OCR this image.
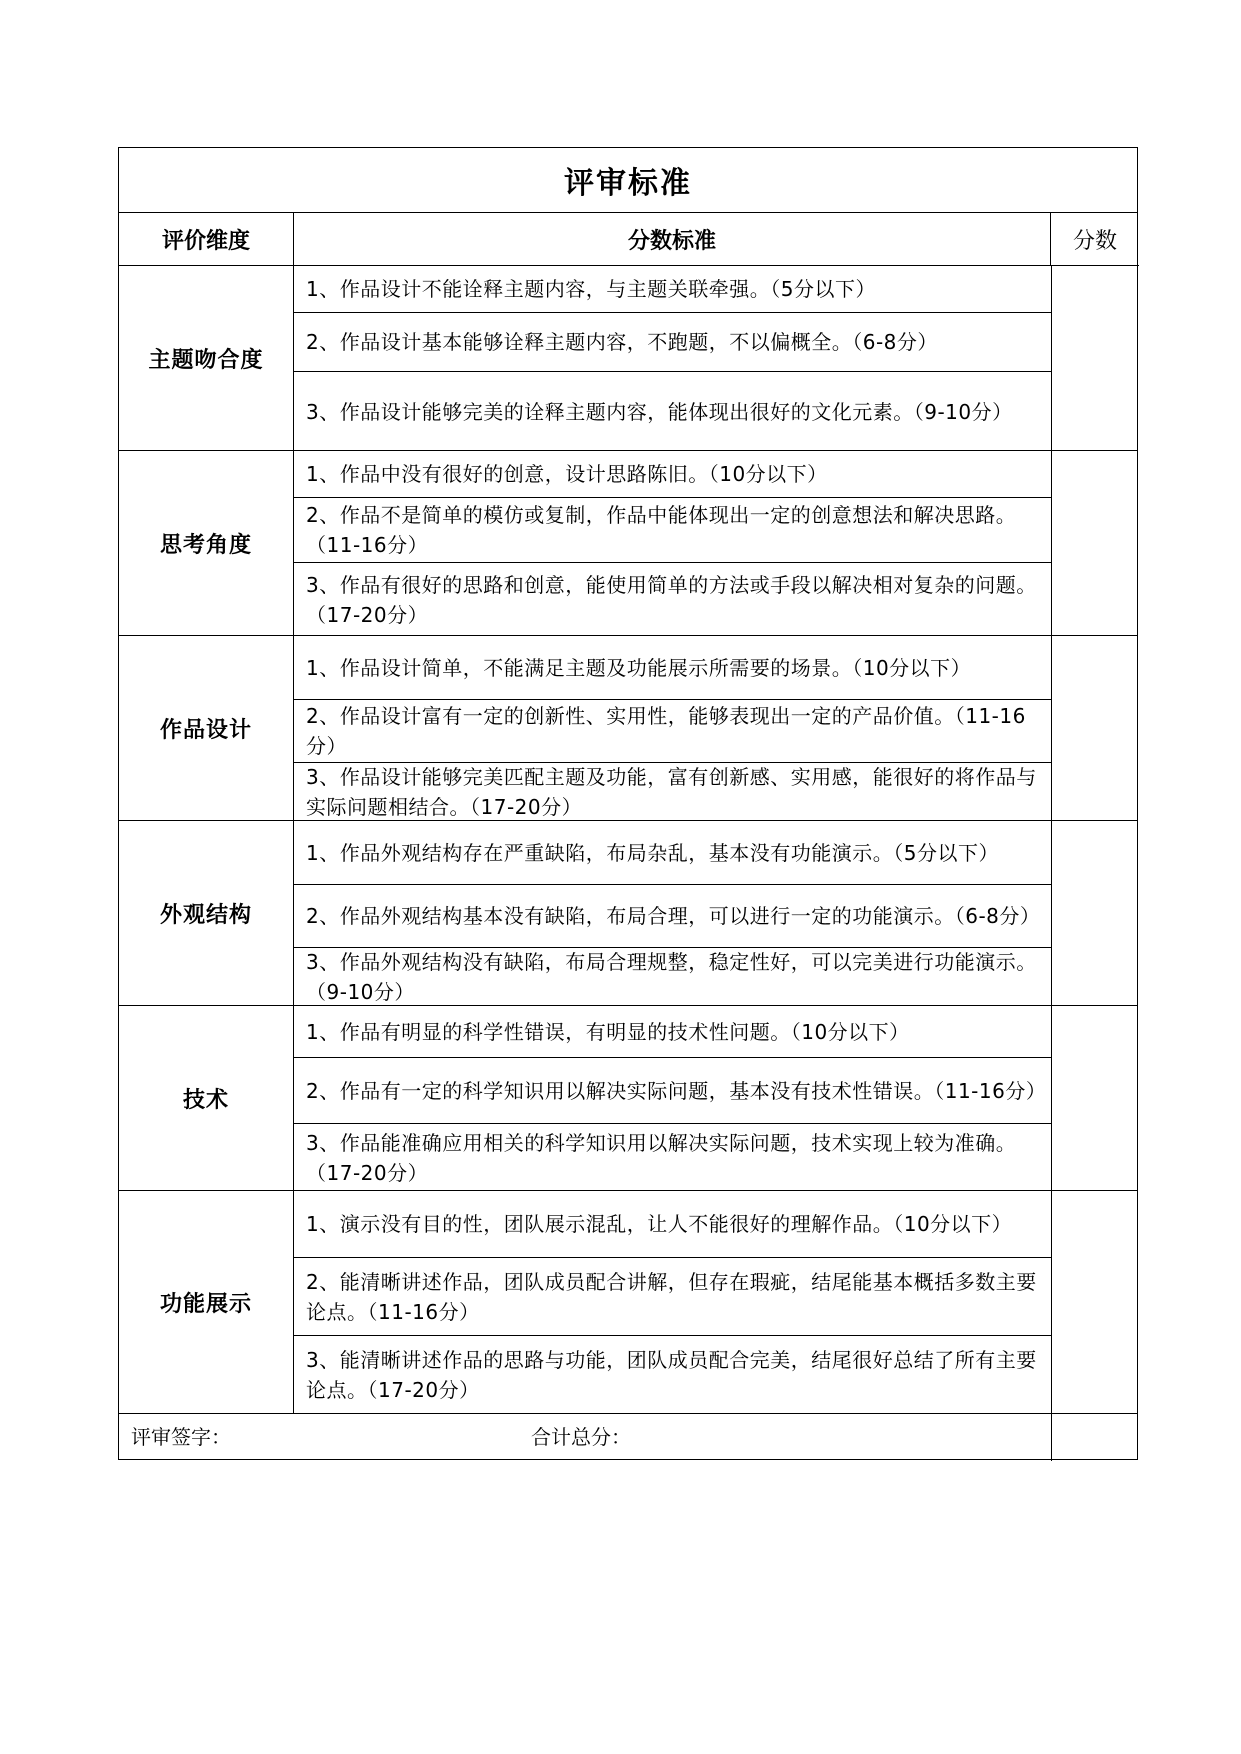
评审标准
评价维度	分数标准	分数
主题吻合度
1、作品设计不能诠释主题内容，与主题关联牵强。（5分以下）
2、作品设计基本能够诠释主题内容，不跑题，不以偏概全。（6-8分）
3、作品设计能够完美的诠释主题内容，能体现出很好的文化元素。（9-10分）
思考角度
1、作品中没有很好的创意，设计思路陈旧。（10分以下）
2、作品不是简单的模仿或复制，作品中能体现出一定的创意想法和解决思路。（11-16分）
3、作品有很好的思路和创意，能使用简单的方法或手段以解决相对复杂的问题。（17-20分）
作品设计
1、作品设计简单，不能满足主题及功能展示所需要的场景。（10分以下）
2、作品设计富有一定的创新性、实用性，能够表现出一定的产品价值。（11-16分）
3、作品设计能够完美匹配主题及功能，富有创新感、实用感，能很好的将作品与实际问题相结合。（17-20分）
外观结构
1、作品外观结构存在严重缺陷，布局杂乱，基本没有功能演示。（5分以下）
2、作品外观结构基本没有缺陷，布局合理，可以进行一定的功能演示。（6-8分）
3、作品外观结构没有缺陷，布局合理规整，稳定性好，可以完美进行功能演示。（9-10分）
技术
1、作品有明显的科学性错误，有明显的技术性问题。（10分以下）
2、作品有一定的科学知识用以解决实际问题，基本没有技术性错误。（11-16分）
3、作品能准确应用相关的科学知识用以解决实际问题，技术实现上较为准确。（17-20分）
功能展示
1、演示没有目的性，团队展示混乱，让人不能很好的理解作品。（10分以下）
2、能清晰讲述作品，团队成员配合讲解，但存在瑕疵，结尾能基本概括多数主要论点。（11-16分）
3、能清晰讲述作品的思路与功能，团队成员配合完美，结尾很好总结了所有主要论点。（17-20分）
评审签字：	合计总分：
